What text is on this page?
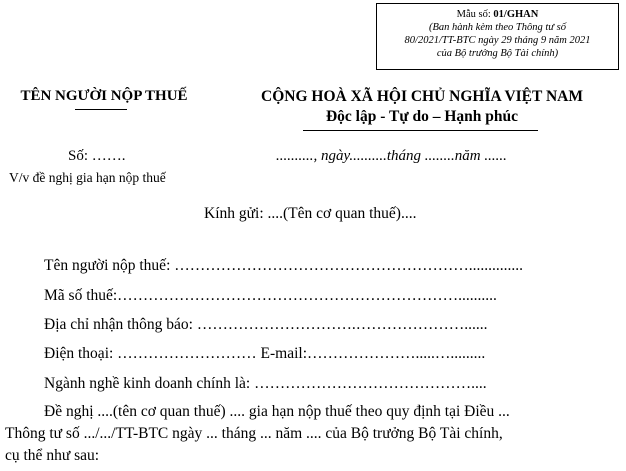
Mẫu số: 01/GHAN
(Ban hành kèm theo Thông tư số
80/2021/TT-BTC ngày 29 tháng 9 năm 2021
của Bộ trưởng Bộ Tài chính)
TÊN NGƯỜI NỘP THUẾ	CỘNG HOÀ XÃ HỘI CHỦ NGHĨA VIỆT NAM
Độc lập - Tự do – Hạnh phúc
Số: …….
V/v đề nghị gia hạn nộp thuế
.........., ngày..........tháng ........năm ......
Kính gửi: ....(Tên cơ quan thuế)....
Tên người nộp thuế: …………………………………………………..............
Mã số thuế:…………………………………………………………..........
Địa chỉ nhận thông báo: ………………………….…………………......
Điện thoại: ……………………… E-mail:………………….....….........
Ngành nghề kinh doanh chính là: ……………………………………....
Đề nghị ....(tên cơ quan thuế) .... gia hạn nộp thuế theo quy định tại Điều ...
Thông tư số .../.../TT-BTC ngày ... tháng ... năm .... của Bộ trưởng Bộ Tài chính,
cụ thể như sau:
